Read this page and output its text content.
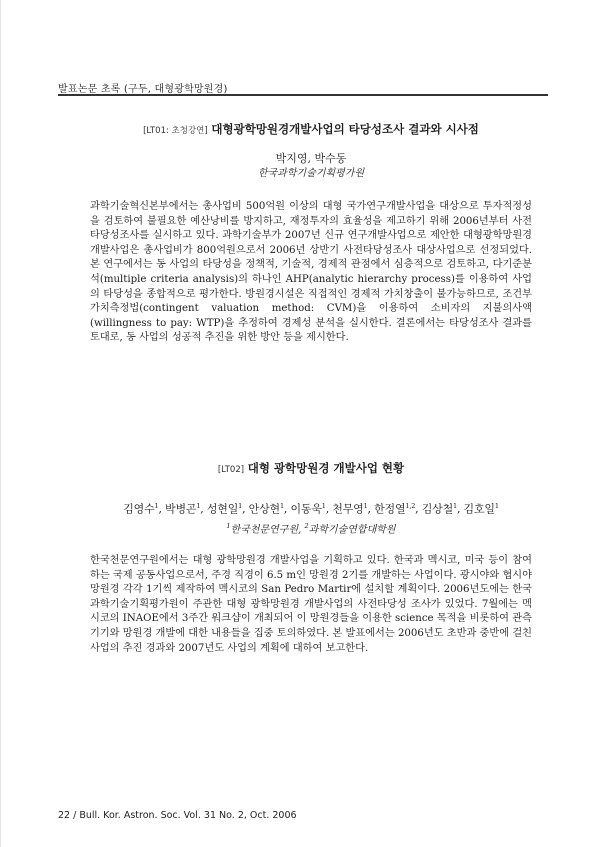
발표논문 초록 (구두, 대형광학망원경)
[LT01: 초청강연] 대형광학망원경개발사업의 타당성조사 결과와 시사점
박지영, 박수동
한국과학기술기획평가원

과학기술혁신본부에서는 총사업비 500억원 이상의 대형 국가연구개발사업을 대상으로 투자적정성을 검토하여 불필요한 예산낭비를 방지하고, 재정투자의 효율성을 제고하기 위해 2006년부터 사전타당성조사를 실시하고 있다. 과학기술부가 2007년 신규 연구개발사업으로 제안한 대형광학망원경개발사업은 총사업비가 800억원으로서 2006년 상반기 사전타당성조사 대상사업으로 선정되었다. 본 연구에서는 동 사업의 타당성을 정책적, 기술적, 경제적 관점에서 심층적으로 검토하고, 다기준분석(multiple criteria analysis)의 하나인 AHP(analytic hierarchy process)를 이용하여 사업의 타당성을 종합적으로 평가한다. 방원경시설은 직접적인 경제적 가치창출이 불가능하므로, 조건부가치측정법(contingent valuation method: CVM)을 이용하여 소비자의 지불의사액(willingness to pay: WTP)을 추정하여 경제성 분석을 실시한다. 결론에서는 타당성조사 결과를 토대로, 동 사업의 성공적 추진을 위한 방안 등을 제시한다.

[LT02] 대형 광학망원경 개발사업 현황
김영수$^1$, 박병곤$^1$, 성현일$^1$, 안상현$^1$, 이동욱$^1$, 천무영$^1$, 한정열$^{1,2}$, 김상철$^1$, 김호일$^1$
$^1$한국천문연구원, $^2$과학기술연합대학원

한국천문연구원에서는 대형 광학망원경 개발사업을 기획하고 있다. 한국과 멕시코, 미국 등이 참여하는 국제 공동사업으로서, 주경 직경이 6.5 m인 망원경 2기를 개발하는 사업이다. 광시야와 협시야 망원경 각각 1기씩 제작하여 멕시코의 San Pedro Martir에 설치할 계획이다. 2006년도에는 한국과학기술기획평가원이 주관한 대형 광학망원경 개발사업의 사전타당성 조사가 있었다. 7월에는 멕시코의 INAOE에서 3주간 워크샵이 개최되어 이 망원경들을 이용한 science 목적을 비롯하여 관측기기와 망원경 개발에 대한 내용들을 집중 토의하였다. 본 발표에서는 2006년도 초반과 중반에 걸친 사업의 추진 경과와 2007년도 사업의 계획에 대하여 보고한다.

22 / Bull. Kor. Astron. Soc. Vol. 31 No. 2, Oct. 2006
